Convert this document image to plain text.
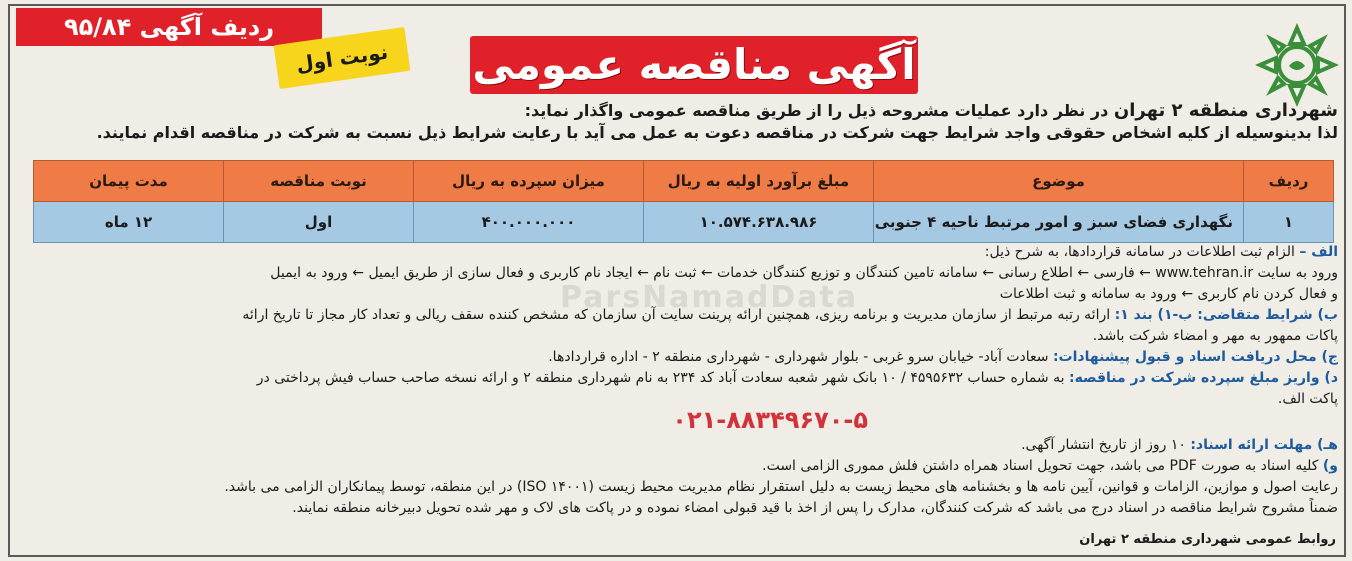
ردیف آگهی ۹۵/۸۴
نوبت اول آگهی مناقصه عمومی
شهرداری منطقه ۲ تهران در نظر دارد عملیات مشروحه ذیل را از طریق مناقصه عمومی واگذار نماید:
لذا بدینوسیله از کلیه اشخاص حقوقی واجد شرایط جهت شرکت در مناقصه دعوت به عمل می آید با رعایت شرایط ذیل نسبت به شرکت در مناقصه اقدام نمایند.
ردیف	موضوع	مبلغ برآورد اولیه به ریال	میزان سپرده به ریال	نوبت مناقصه	مدت پیمان
۱	نگهداری فضای سبز و امور مرتبط ناحیه ۴ جنوبی	۱۰.۵۷۴.۶۳۸.۹۸۶	۴۰۰.۰۰۰.۰۰۰	اول	۱۲ ماه
الف – الزام ثبت اطلاعات در سامانه قراردادها، به شرح ذیل:
ورود به سایت www.tehran.ir ← فارسی ← اطلاع رسانی ← سامانه تامین کنندگان و توزیع کنندگان خدمات ← ثبت نام ← ایجاد نام کاربری و فعال سازی از طریق ایمیل ← ورود به ایمیل
و فعال کردن نام کاربری ← ورود به سامانه و ثبت اطلاعات
ب) شرایط متقاضی: ب-۱) بند ۱: ارائه رتبه مرتبط از سازمان مدیریت و برنامه ریزی، همچنین ارائه پرینت سایت آن سازمان که مشخص کننده سقف ریالی و تعداد کار مجاز تا تاریخ ارائه
پاکات ممهور به مهر و امضاء شرکت باشد.
ج) محل دریافت اسناد و قبول پیشنهادات: سعادت آباد- خیابان سرو غربی - بلوار شهرداری - شهرداری منطقه ۲ - اداره قراردادها.
د) واریز مبلغ سپرده شرکت در مناقصه: به شماره حساب ۴۵۹۵۶۳۲ / ۱۰ بانک شهر شعبه سعادت آباد کد ۲۳۴ به نام شهرداری منطقه ۲ و ارائه نسخه صاحب حساب فیش پرداختی در
پاکت الف.
۰۲۱-۸۸۳۴۹۶۷۰-۵
هـ) مهلت ارائه اسناد: ۱۰ روز از تاریخ انتشار آگهی.
و) کلیه اسناد به صورت PDF می باشد، جهت تحویل اسناد همراه داشتن فلش مموری الزامی است.
رعایت اصول و موازین، الزامات و قوانین، آیین نامه ها و بخشنامه های محیط زیست به دلیل استقرار نظام مدیریت محیط زیست (ISO ۱۴۰۰۱) در این منطقه، توسط پیمانکاران الزامی می باشد.
ضمناً مشروح شرایط مناقصه در اسناد درج می باشد که شرکت کنندگان، مدارک را پس از اخذ با قید قبولی امضاء نموده و در پاکت های لاک و مهر شده تحویل دبیرخانه منطقه نمایند.
روابط عمومی شهرداری منطقه ۲ تهران
ParsNamadData
